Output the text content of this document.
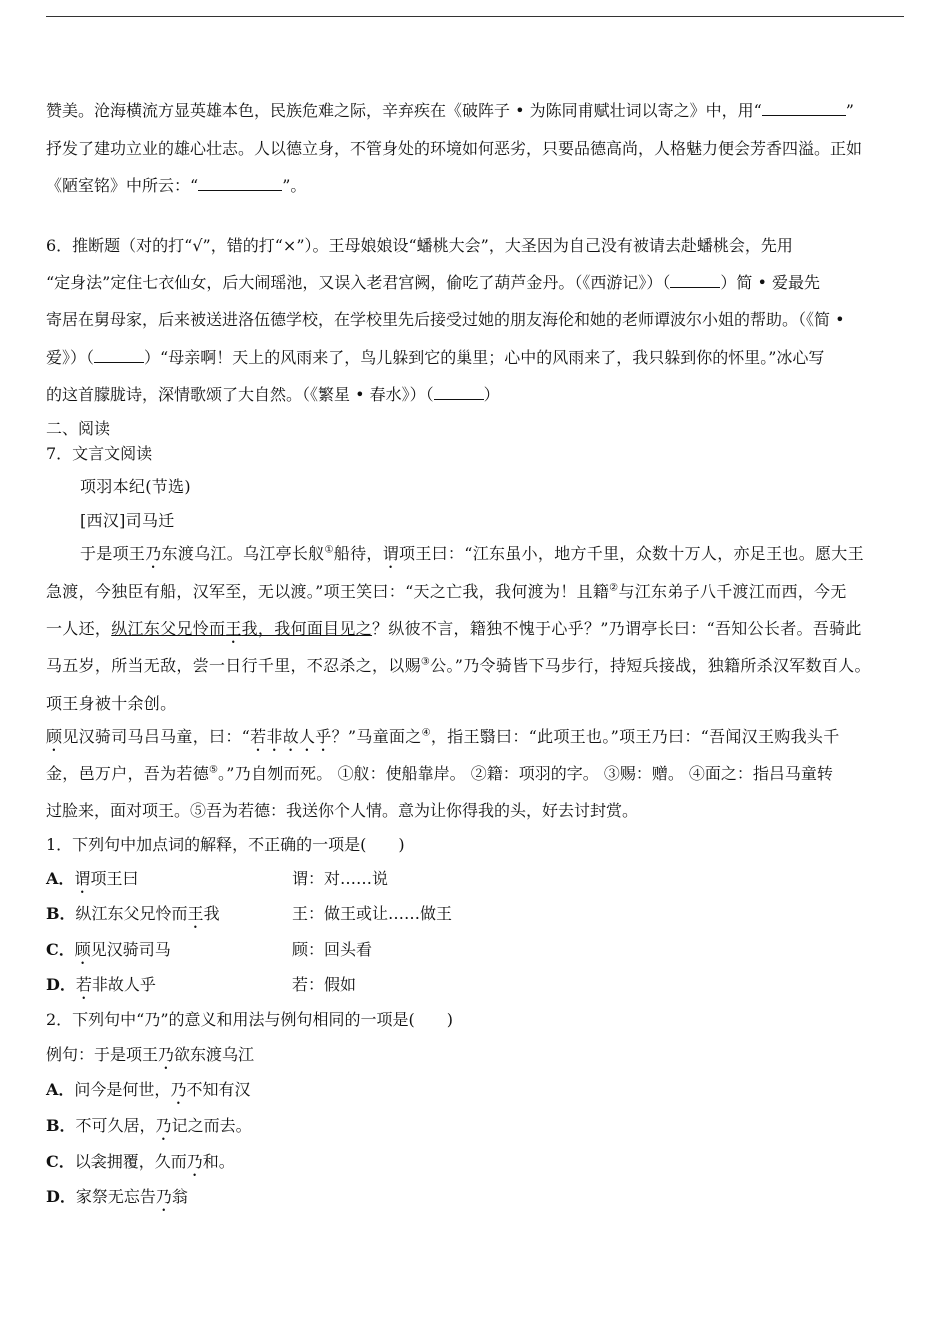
赞美。沧海横流方显英雄本色，民族危难之际，辛弃疾在《破阵子 • 为陈同甫赋壮词以寄之》中，用“	”
抒发了建功立业的雄心壮志。人以德立身，不管身处的环境如何恶劣，只要品德高尚，人格魅力便会芳香四溢。正如
《陋室铭》中所云：“	”。
6．推断题（对的打“√”，错的打“×”）。王母娘娘设“蟠桃大会”，大圣因为自己没有被请去赴蟠桃会，先用
“定身法”定住七衣仙女，后大闹瑶池，又误入老君宫阙，偷吃了葫芦金丹。（《西游记》）（	）简 • 爱最先
寄居在舅母家，后来被送进洛伍德学校，在学校里先后接受过她的朋友海伦和她的老师谭波尔小姐的帮助。（《简 •
爱》）（	）“母亲啊！天上的风雨来了，鸟儿躲到它的巢里；心中的风雨来了，我只躲到你的怀里。”冰心写
的这首朦胧诗，深情歌颂了大自然。（《繁星 • 春水》）（	）
二、阅读
7．文言文阅读
项羽本纪(节选)
[西汉]司马迁
于是项王乃东渡乌江。乌江亭长舣①船待，谓项王曰：“江东虽小，地方千里，众数十万人，亦足王也。愿大王
急渡，今独臣有船，汉军至，无以渡。”项王笑曰：“天之亡我，我何渡为！且籍②与江东弟子八千渡江而西，今无
一人还，纵江东父兄怜而王我，我何面目见之？纵彼不言，籍独不愧于心乎？”乃谓亭长曰：“吾知公长者。吾骑此
马五岁，所当无敌，尝一日行千里，不忍杀之，以赐③公。”乃令骑皆下马步行，持短兵接战，独籍所杀汉军数百人。
项王身被十余创。
顾见汉骑司马吕马童，曰：“若非故人乎？”马童面之④，指王翳曰：“此项王也。”项王乃曰：“吾闻汉王购我头千
金，邑万户，吾为若德⑤。”乃自刎而死。 ①舣：使船靠岸。 ②籍：项羽的字。 ③赐：赠。 ④面之：指吕马童转
过脸来，面对项王。⑤吾为若德：我送你个人情。意为让你得我的头，好去讨封赏。
1．下列句中加点词的解释，不正确的一项是(　　)
A．谓项王曰	谓：对……说
B．纵江东父兄怜而王我	王：做王或让……做王
C．顾见汉骑司马	顾：回头看
D．若非故人乎	若：假如
2．下列句中“乃”的意义和用法与例句相同的一项是(　　)
例句：于是项王乃欲东渡乌江
A．问今是何世，乃不知有汉
B．不可久居，乃记之而去。
C．以衾拥覆，久而乃和。
D．家祭无忘告乃翁
